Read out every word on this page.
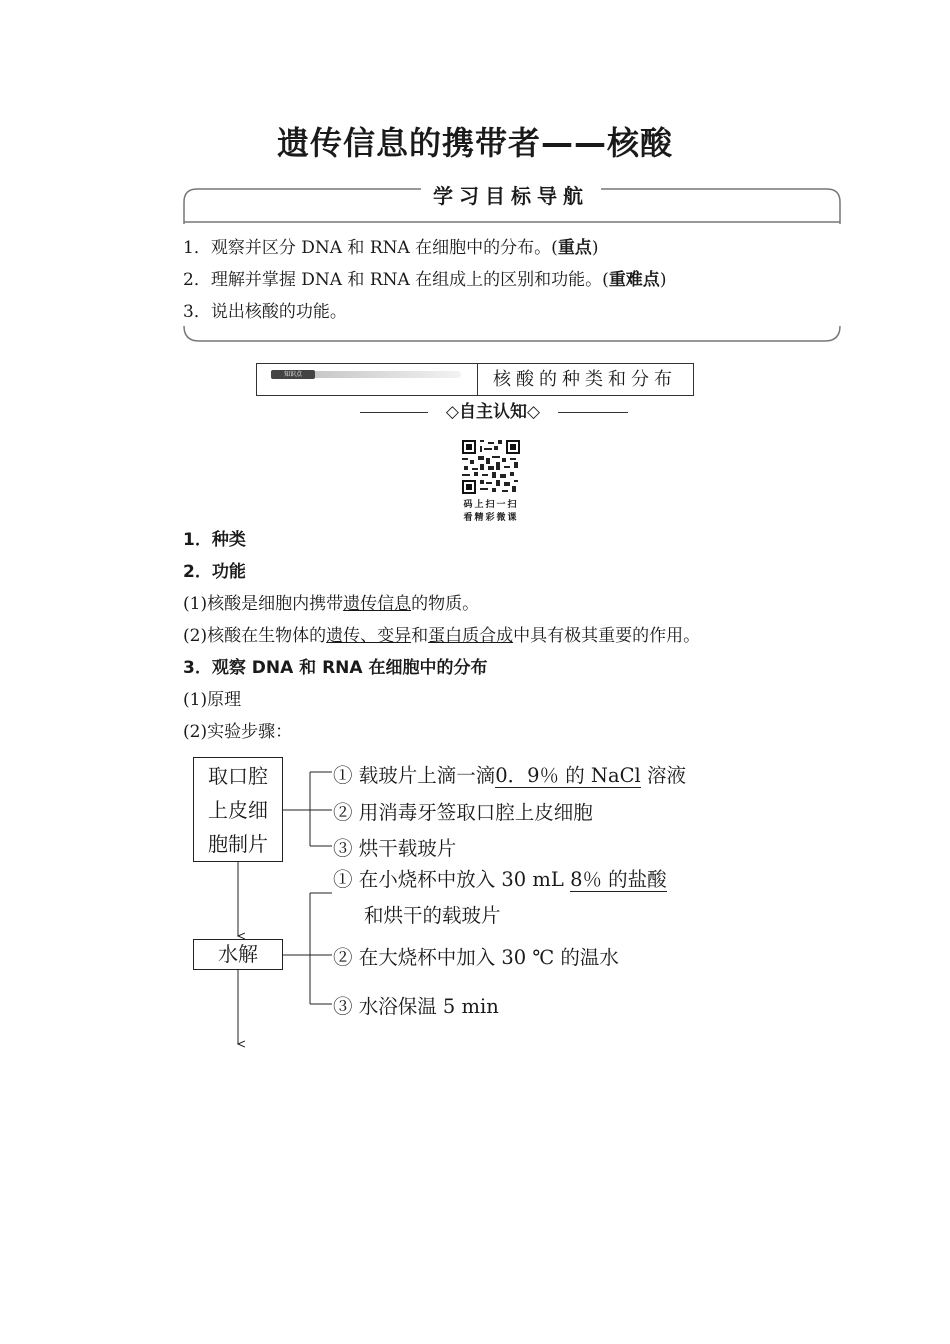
遗传信息的携带者——核酸
学习目标导航
1．观察并区分 DNA 和 RNA 在细胞中的分布。(重点)
2．理解并掌握 DNA 和 RNA 在组成上的区别和功能。(重难点)
3．说出核酸的功能。
知识点	核酸的种类和分布
◇自主认知◇
码上扫一扫
看精彩微课
1．种类
2．功能
(1)核酸是细胞内携带遗传信息的物质。
(2)核酸在生物体的遗传、变异和蛋白质合成中具有极其重要的作用。
3．观察 DNA 和 RNA 在细胞中的分布
(1)原理
(2)实验步骤：
取口腔
上皮细
胞制片
① 载玻片上滴一滴0．9％ 的 NaCl 溶液
② 用消毒牙签取口腔上皮细胞
③ 烘干载玻片
水解
① 在小烧杯中放入 30 mL 8％ 的盐酸
和烘干的载玻片
② 在大烧杯中加入 30 ℃ 的温水
③ 水浴保温 5 min
